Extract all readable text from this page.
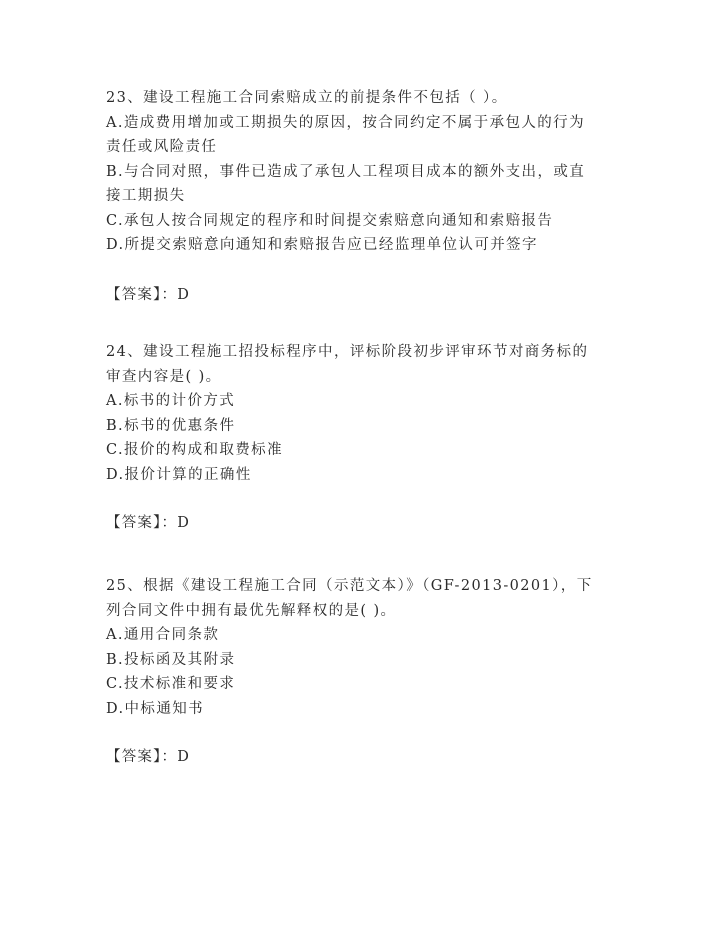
23、建设工程施工合同索赔成立的前提条件不包括（ ）。
A.造成费用增加或工期损失的原因，按合同约定不属于承包人的行为
责任或风险责任
B.与合同对照，事件已造成了承包人工程项目成本的额外支出，或直
接工期损失
C.承包人按合同规定的程序和时间提交索赔意向通知和索赔报告
D.所提交索赔意向通知和索赔报告应已经监理单位认可并签字
【答案】：D
24、建设工程施工招投标程序中，评标阶段初步评审环节对商务标的
审查内容是( )。
A.标书的计价方式
B.标书的优惠条件
C.报价的构成和取费标准
D.报价计算的正确性
【答案】：D
25、根据《建设工程施工合同（示范文本）》（GF-2013-0201），下
列合同文件中拥有最优先解释权的是( )。
A.通用合同条款
B.投标函及其附录
C.技术标准和要求
D.中标通知书
【答案】：D
